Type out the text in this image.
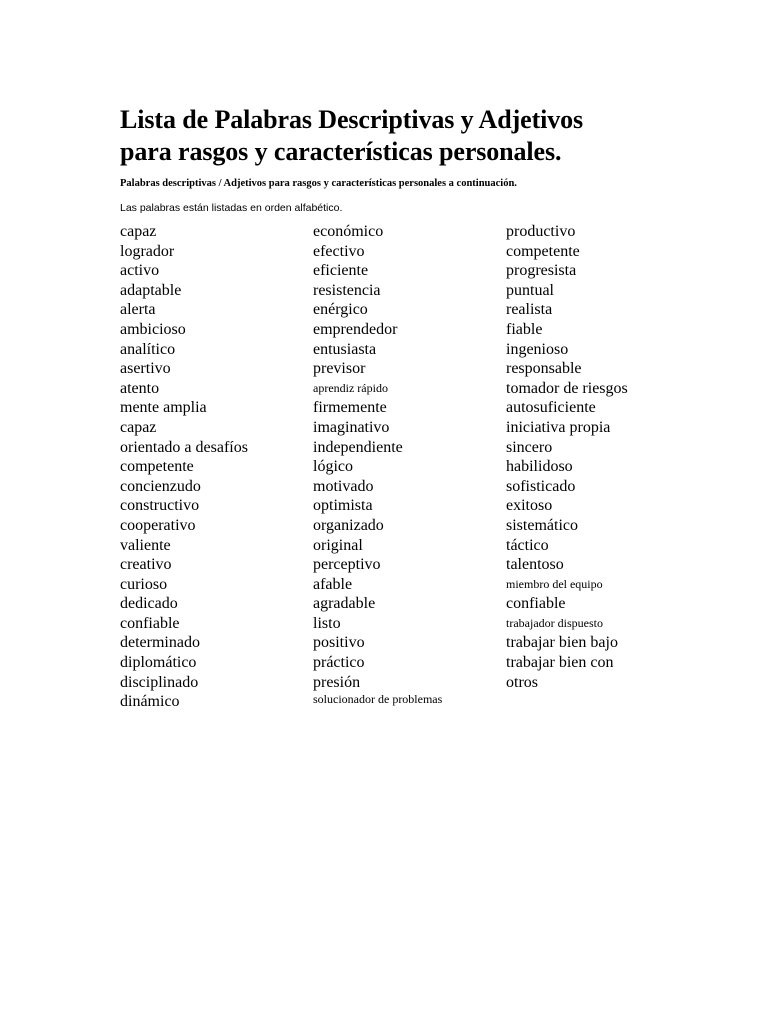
Lista de Palabras Descriptivas y Adjetivos
para rasgos y características personales.

Palabras descriptivas / Adjetivos para rasgos y características personales a continuación.

Las palabras están listadas en orden alfabético.

capaz
logrador
activo
adaptable
alerta
ambicioso
analítico
asertivo
atento
mente amplia
capaz
orientado a desafíos
competente
concienzudo
constructivo
cooperativo
valiente
creativo
curioso
dedicado
confiable
determinado
diplomático
disciplinado
dinámico
económico
efectivo
eficiente
resistencia
enérgico
emprendedor
entusiasta
previsor
aprendiz rápido
firmemente
imaginativo
independiente
lógico
motivado
optimista
organizado
original
perceptivo
afable
agradable
listo
positivo
práctico
presión
solucionador de problemas
productivo
competente
progresista
puntual
realista
fiable
ingenioso
responsable
tomador de riesgos
autosuficiente
iniciativa propia
sincero
habilidoso
sofisticado
exitoso
sistemático
táctico
talentoso
miembro del equipo
confiable
trabajador dispuesto
trabajar bien bajo
trabajar bien con
otros
